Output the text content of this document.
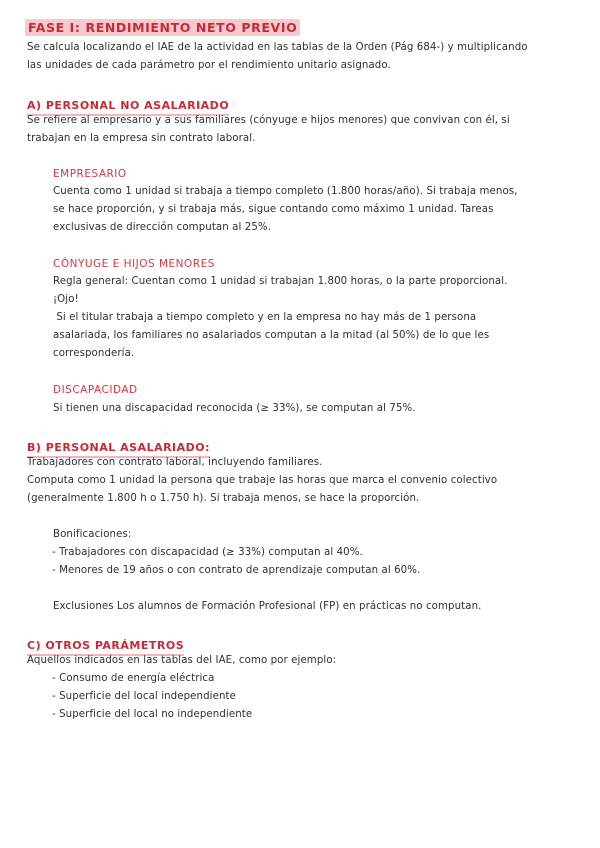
FASE I: RENDIMIENTO NETO PREVIO

Se calcula localizando el IAE de la actividad en las tablas de la Orden (Pág 684-) y multiplicando

las unidades de cada parámetro por el rendimiento unitario asignado.

A) PERSONAL NO ASALARIADO

Se refiere al empresario y a sus familiares (cónyuge e hijos menores) que convivan con él, si

trabajan en la empresa sin contrato laboral.

EMPRESARIO

Cuenta como 1 unidad si trabaja a tiempo completo (1.800 horas/año). Si trabaja menos,

se hace proporción, y si trabaja más, sigue contando como máximo 1 unidad. Tareas

exclusivas de dirección computan al 25%.

CÓNYUGE E HIJOS MENORES

Regla general: Cuentan como 1 unidad si trabajan 1.800 horas, o la parte proporcional.

¡Ojo!

Si el titular trabaja a tiempo completo y en la empresa no hay más de 1 persona

asalariada, los familiares no asalariados computan a la mitad (al 50%) de lo que les

correspondería.

DISCAPACIDAD

Si tienen una discapacidad reconocida (≥ 33%), se computan al 75%.

B) PERSONAL ASALARIADO:

Trabajadores con contrato laboral, incluyendo familiares.

Computa como 1 unidad la persona que trabaje las horas que marca el convenio colectivo

(generalmente 1.800 h o 1.750 h). Si trabaja menos, se hace la proporción.

Bonificaciones:

- Trabajadores con discapacidad (≥ 33%) computan al 40%.

- Menores de 19 años o con contrato de aprendizaje computan al 60%.

Exclusiones Los alumnos de Formación Profesional (FP) en prácticas no computan.

C) OTROS PARÁMETROS

Aquellos indicados en las tablas del IAE, como por ejemplo:

- Consumo de energía eléctrica

- Superficie del local independiente

- Superficie del local no independiente
